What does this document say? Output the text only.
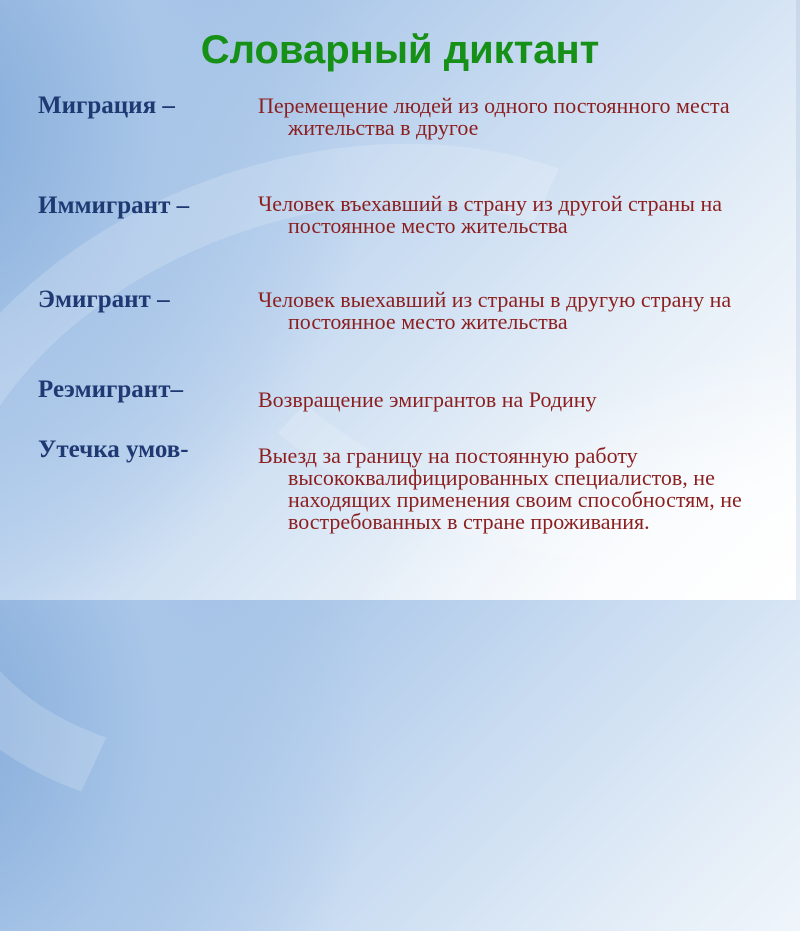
Словарный диктант

Миграция –	Перемещение людей из одного постоянного места жительства в другое

Иммигрант –	Человек въехавший в страну из другой страны на постоянное место жительства

Эмигрант –	Человек выехавший из страны в другую страну на постоянное место жительства

Реэмигрант–	Возвращение эмигрантов на Родину

Утечка умов-	Выезд за границу на постоянную работу высококвалифицированных специалистов, не находящих применения своим способностям, не востребованных в стране проживания.
